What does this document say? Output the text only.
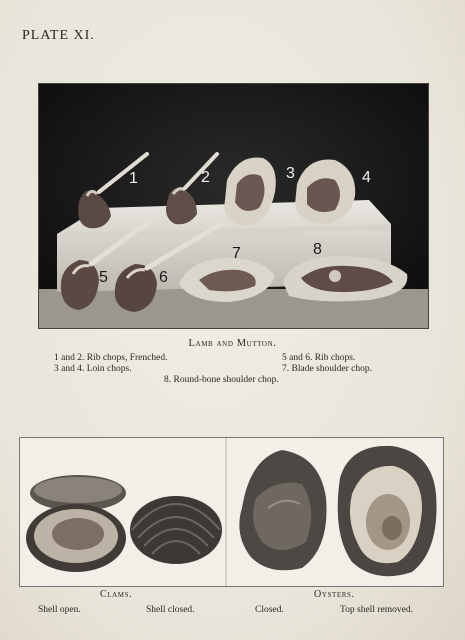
PLATE XI.
1	2	3	4
5	6
7	8
Lamb and Mutton.
1 and 2. Rib chops, Frenched.	5 and 6. Rib chops.
3 and 4. Loin chops.	7. Blade shoulder chop.
8. Round-bone shoulder chop.
Clams.	Oysters.
Shell open.	Shell closed.	Closed.	Top shell removed.
